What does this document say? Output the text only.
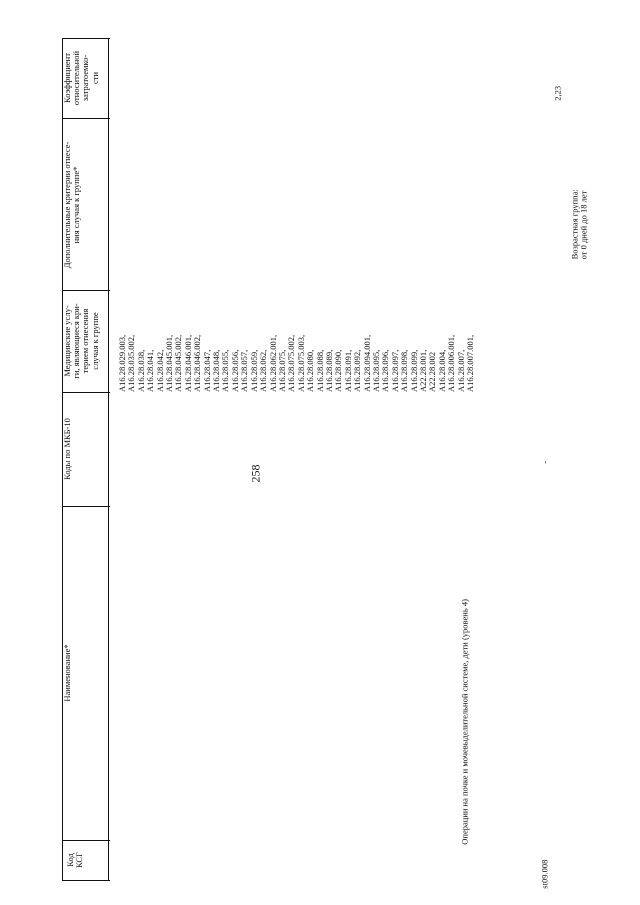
258
Коэффициент
относительной
затратоемко-
сти
Дополнительные критерии отнесе-
ния случая к группе*
Медицинские услу-
ги, являющиеся кри-
терием отнесения
случая к группе
Коды по МКБ-10
Наименование*
Код
КСГ	st09.008
Операции на почке и мочевыделительной системе, дети (уровень 4)
-
Возрастная группа:
от 0 дней до 18 лет
2,23
A16.28.029.003, A16.28.035.002, A16.28.038, A16.28.041, A16.28.042, A16.28.045.001, A16.28.045.002, A16.28.046.001, A16.28.046.002, A16.28.047, A16.28.048, A16.28.055, A16.28.056, A16.28.057, A16.28.059, A16.28.062, A16.28.062.001, A16.28.075, A16.28.075.002, A16.28.075.003, A16.28.080, A16.28.088, A16.28.089, A16.28.090, A16.28.091, A16.28.092, A16.28.094.001, A16.28.095, A16.28.096, A16.28.097, A16.28.098, A16.28.099, A22.28.001, A22.28.002 A16.28.004, A16.28.006.001, A16.28.007, A16.28.007.001,
